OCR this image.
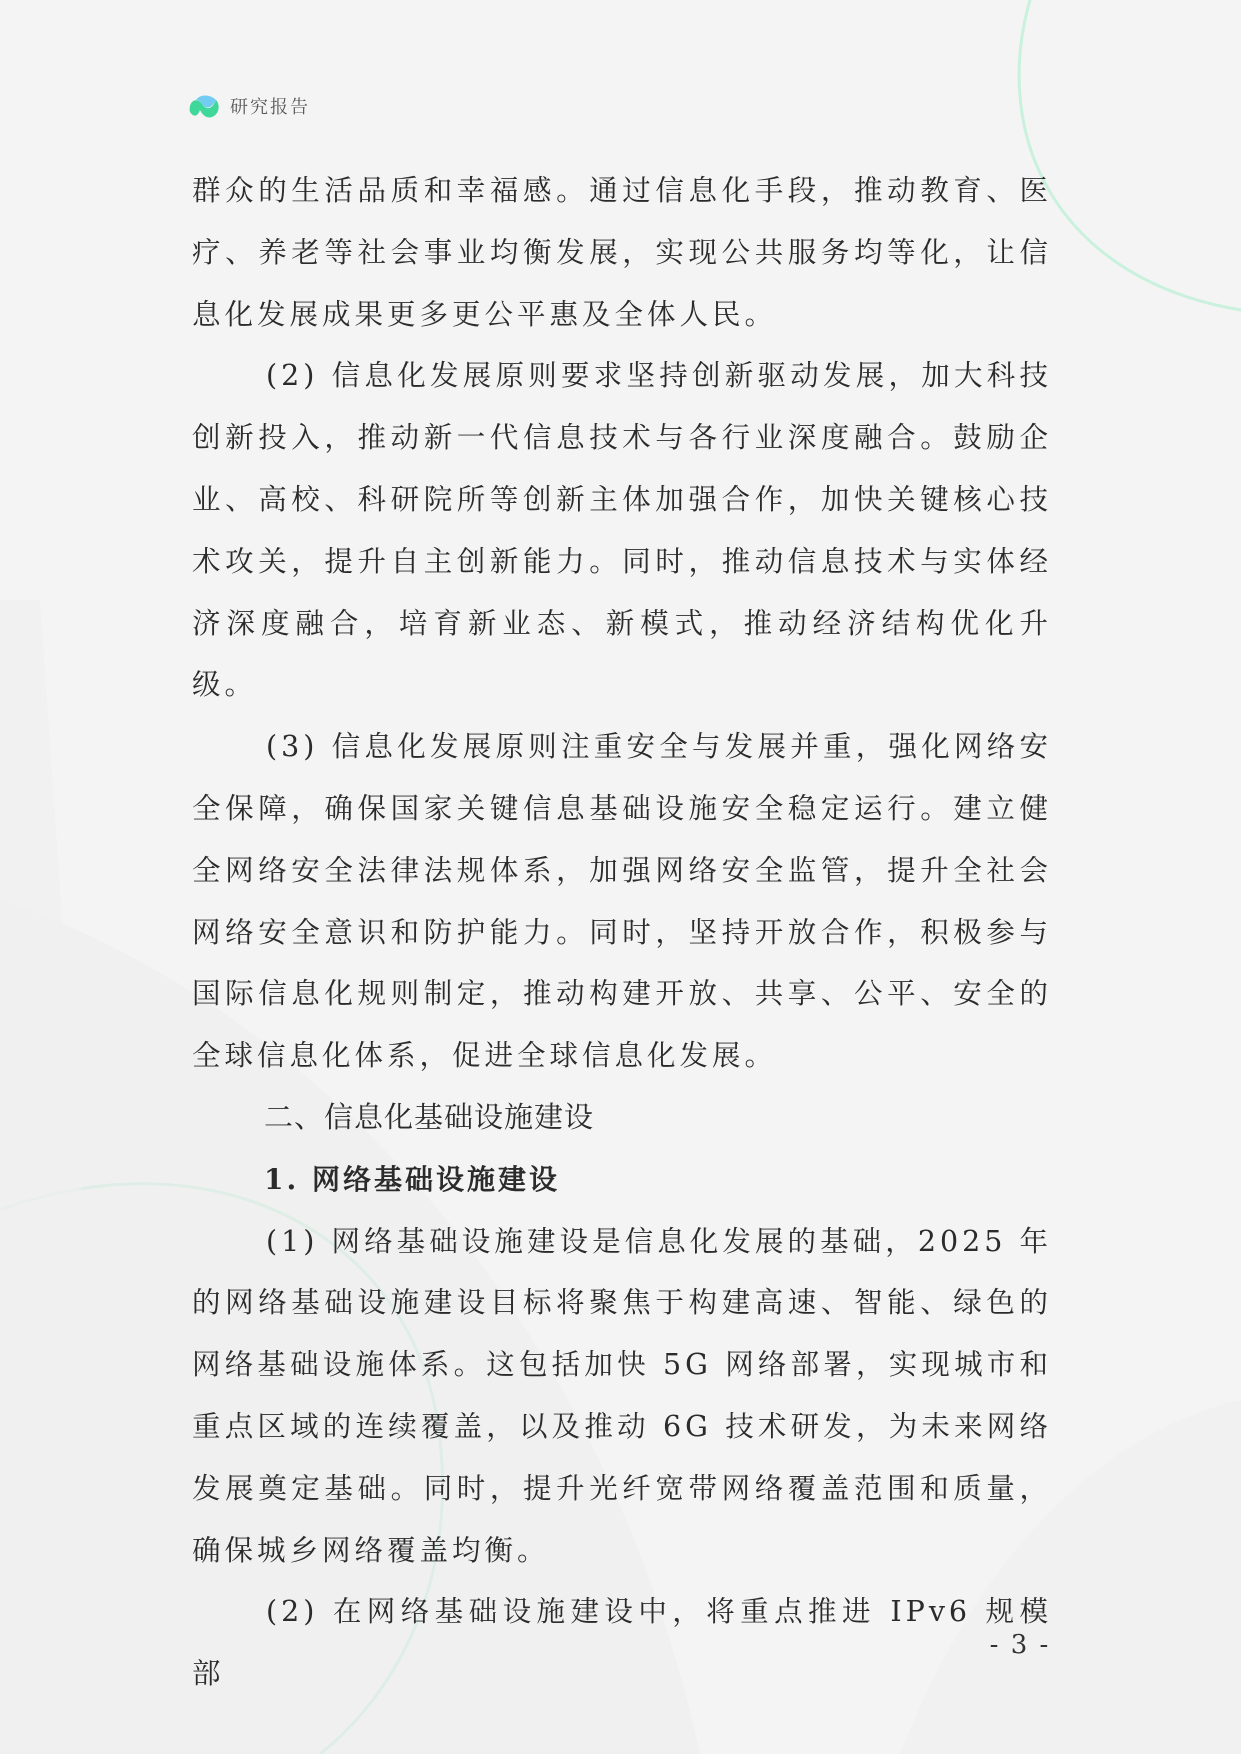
研究报告

群众的生活品质和幸福感。通过信息化手段，推动教育、医疗、养老等社会事业均衡发展，实现公共服务均等化，让信息化发展成果更多更公平惠及全体人民。

(2) 信息化发展原则要求坚持创新驱动发展，加大科技创新投入，推动新一代信息技术与各行业深度融合。鼓励企业、高校、科研院所等创新主体加强合作，加快关键核心技术攻关，提升自主创新能力。同时，推动信息技术与实体经济深度融合，培育新业态、新模式，推动经济结构优化升级。

(3) 信息化发展原则注重安全与发展并重，强化网络安全保障，确保国家关键信息基础设施安全稳定运行。建立健全网络安全法律法规体系，加强网络安全监管，提升全社会网络安全意识和防护能力。同时，坚持开放合作，积极参与国际信息化规则制定，推动构建开放、共享、公平、安全的全球信息化体系，促进全球信息化发展。

二、信息化基础设施建设
1. 网络基础设施建设

(1) 网络基础设施建设是信息化发展的基础，2025 年的网络基础设施建设目标将聚焦于构建高速、智能、绿色的网络基础设施体系。这包括加快 5G 网络部署，实现城市和重点区域的连续覆盖，以及推动 6G 技术研发，为未来网络发展奠定基础。同时，提升光纤宽带网络覆盖范围和质量，确保城乡网络覆盖均衡。

(2) 在网络基础设施建设中，将重点推进 IPv6 规模部

- 3 -
